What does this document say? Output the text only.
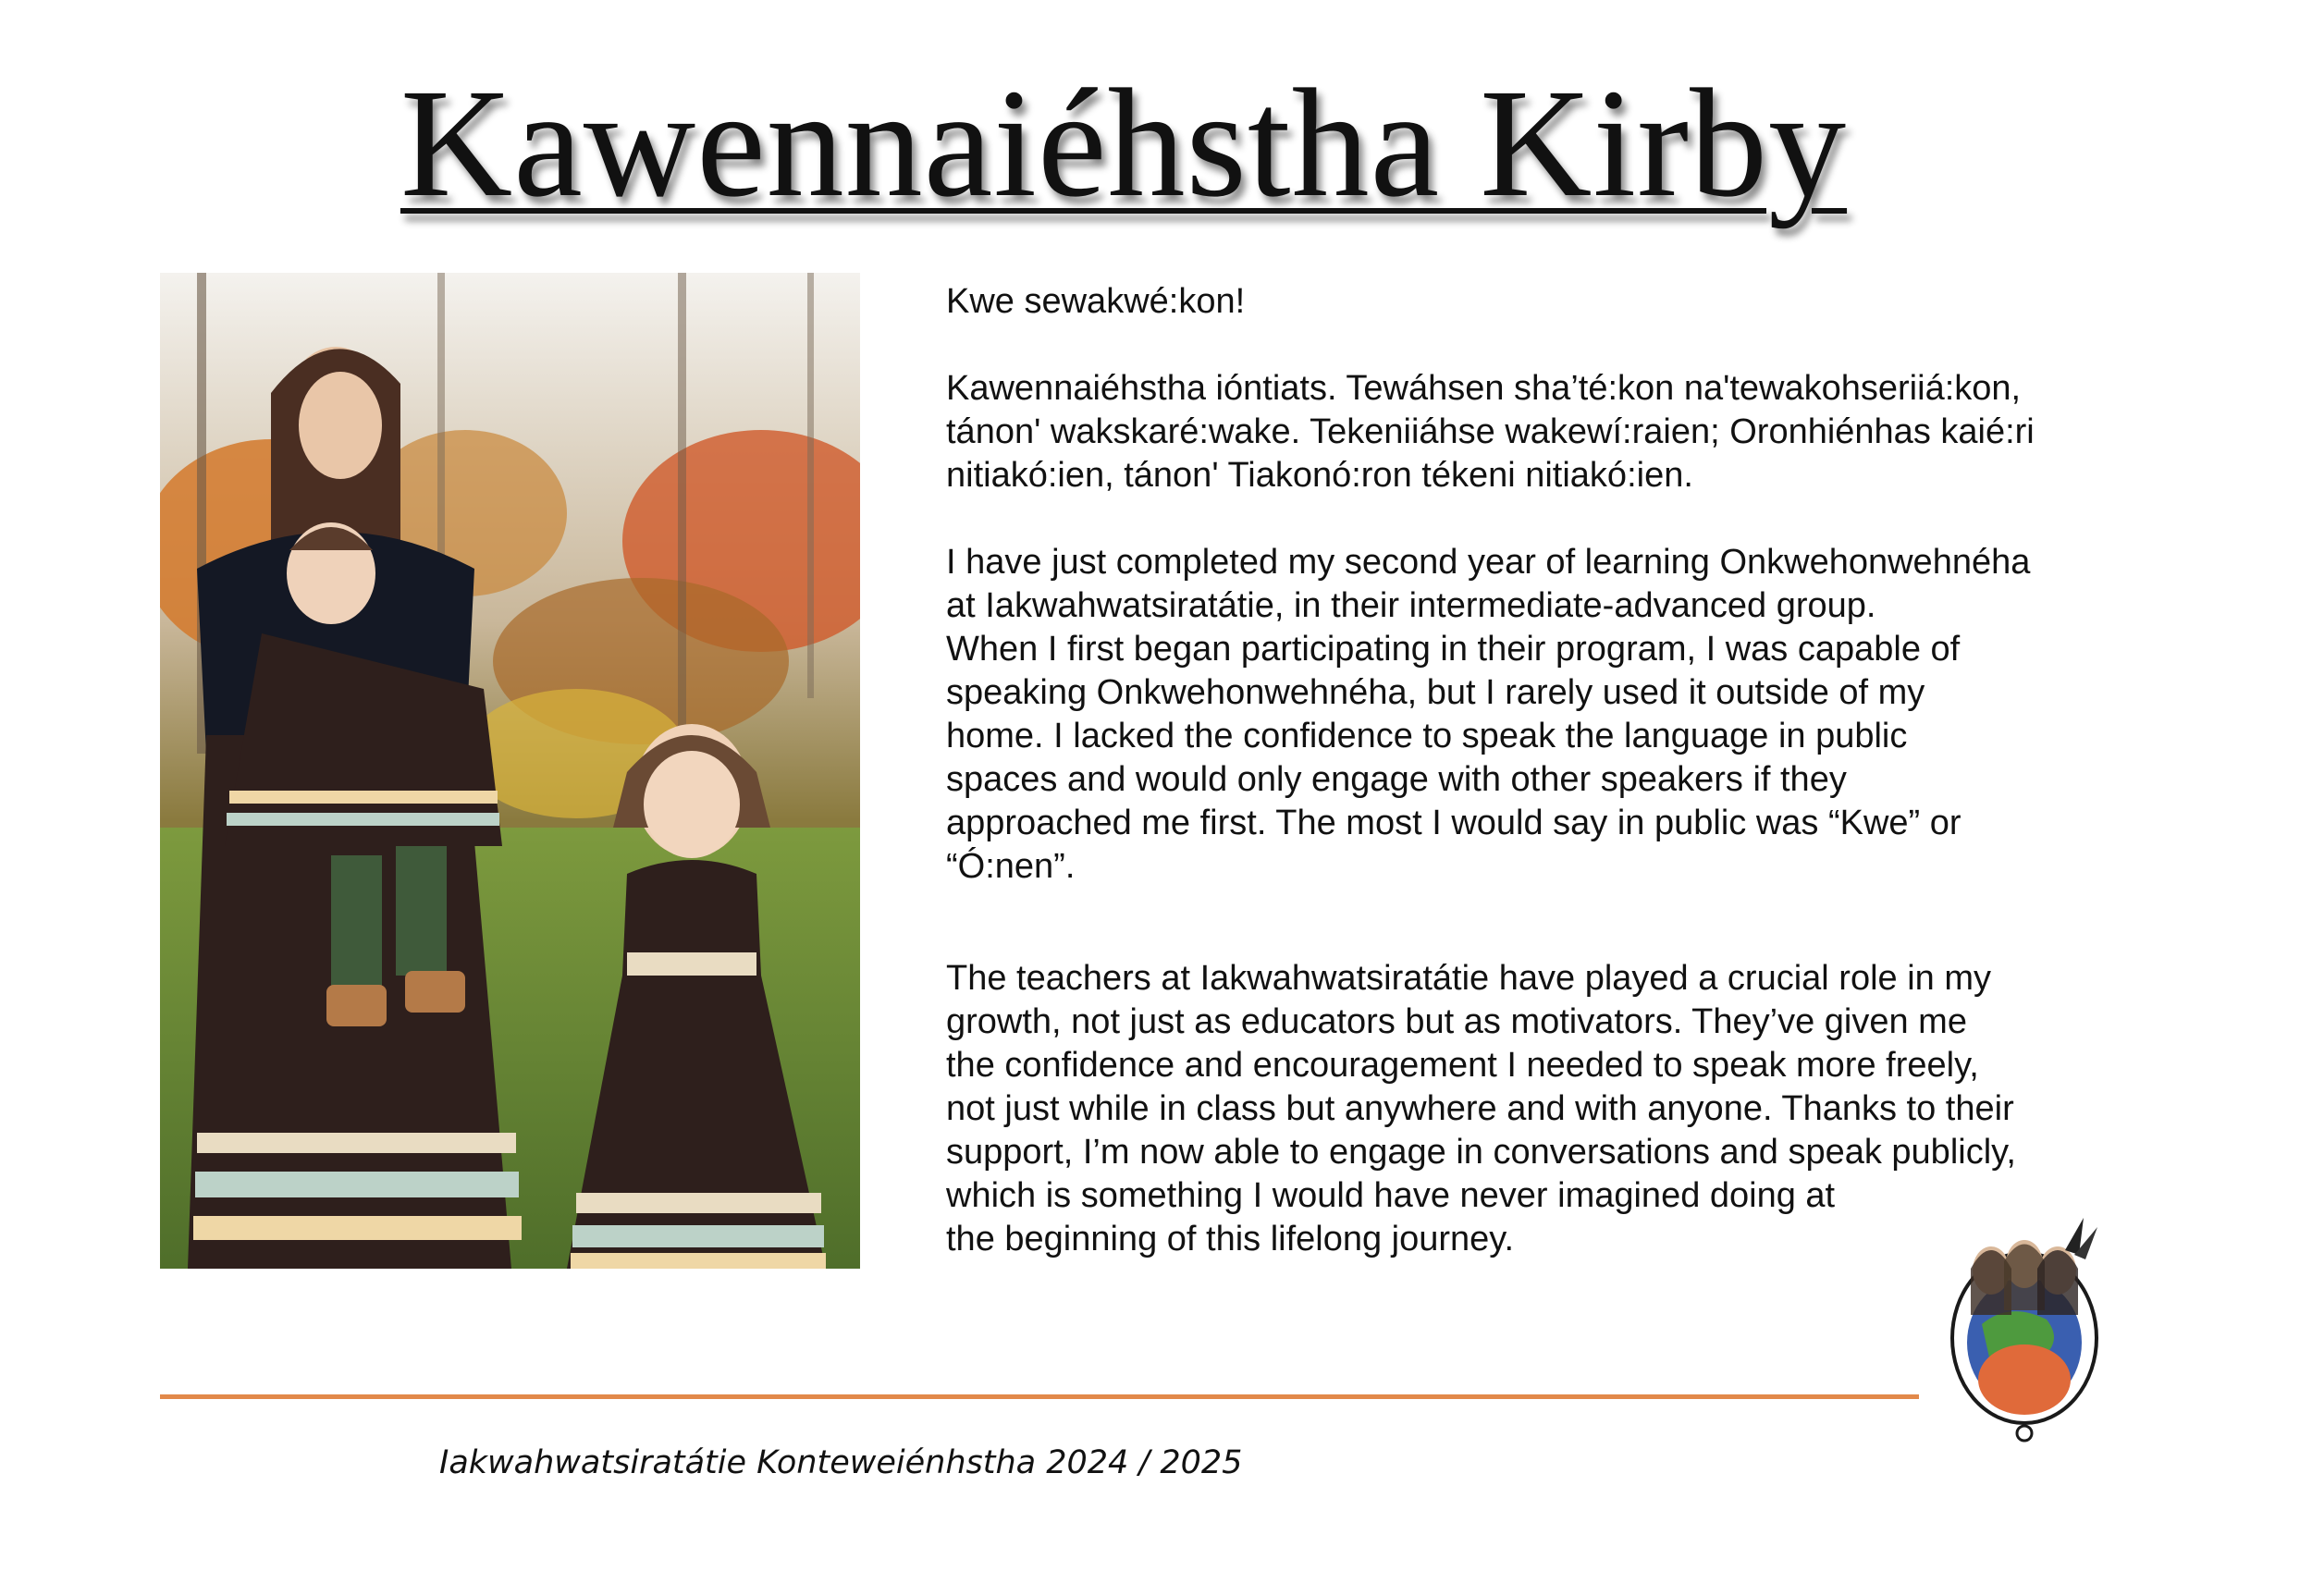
Kawennaiéhstha Kirby

Kwe sewakwé:kon!

Kawennaiéhstha ióntiats. Tewáhsen sha’té:kon na'tewakohseriiá:kon,
tánon' wakskaré:wake. Tekeniiáhse wakewí:raien; Oronhiénhas kaié:ri
nitiakó:ien, tánon' Tiakonó:ron tékeni nitiakó:ien.

I have just completed my second year of learning Onkwehonwehnéha
at Iakwahwatsiratátie, in their intermediate-advanced group.
When I first began participating in their program, I was capable of
speaking Onkwehonwehnéha, but I rarely used it outside of my
home. I lacked the confidence to speak the language in public
spaces and would only engage with other speakers if they
approached me first. The most I would say in public was “Kwe” or
“Ó:nen”.

The teachers at Iakwahwatsiratátie have played a crucial role in my
growth, not just as educators but as motivators. They’ve given me
the confidence and encouragement I needed to speak more freely,
not just while in class but anywhere and with anyone. Thanks to their
support, I’m now able to engage in conversations and speak publicly,
which is something I would have never imagined doing at
the beginning of this lifelong journey.

Iakwahwatsiratátie Konteweiénhstha 2024 / 2025
